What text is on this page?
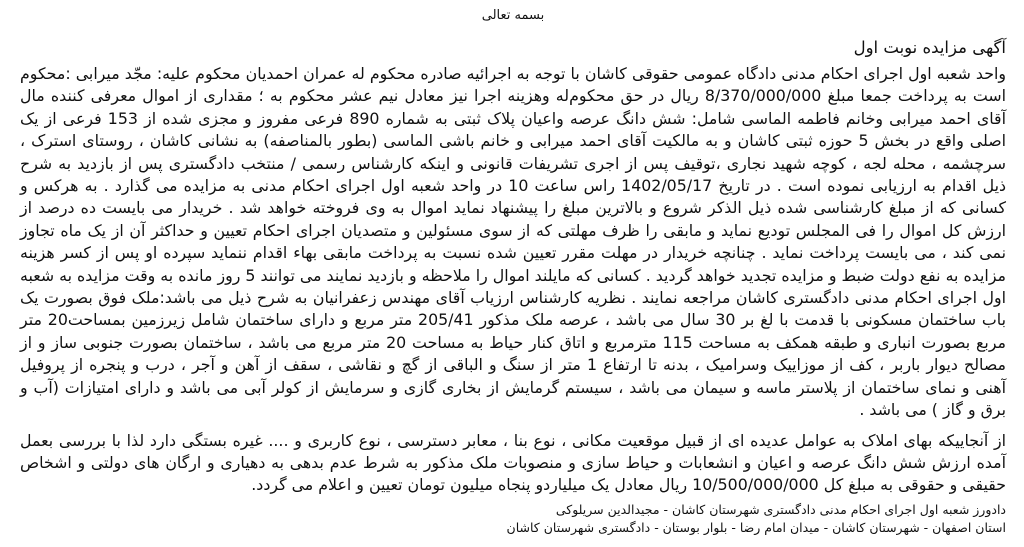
بسمه تعالی
آگهی مزایده نوبت اول

واحد شعبه اول اجرای احکام مدنی دادگاه عمومی حقوقی کاشان با توجه به اجرائیه صادره محکوم له عمران احمدیان محکوم علیه: مجّد میرابی :محکوم است به پرداخت جمعا مبلغ 8/370/000/000 ریال در حق محکوم‌له وهزینه اجرا نیز معادل نیم عشر محکوم به ؛ مقداری از اموال معرفی کننده مال آقای احمد میرابی وخانم فاطمه الماسی شامل: شش دانگ عرصه واعیان پلاک ثبتی به شماره 890 فرعی مفروز و مجزی شده از 153 فرعی از یک اصلی واقع در بخش 5 حوزه ثبتی کاشان و به مالکیت آقای احمد میرابی و خانم باشی الماسی (بطور بالمناصفه) به نشانی کاشان ، روستای استرک ، سرچشمه ، محله لجه ، کوچه شهید نجاری ،توقیف پس از اجری تشریفات قانونی و اینکه کارشناس رسمی / منتخب دادگستری پس از بازدید به شرح ذیل اقدام به ارزیابی نموده است . در تاریخ 1402/05/17 راس ساعت 10 در واحد شعبه اول اجرای احکام مدنی به مزایده می گذارد . به هرکس و کسانی که از مبلغ کارشناسی شده ذیل الذکر شروع و بالاترین مبلغ را پیشنهاد نماید اموال به وی فروخته خواهد شد . خریدار می بایست ده درصد از ارزش کل اموال را فی المجلس تودیع نماید و مابقی را ظرف مهلتی که از سوی مسئولین و متصدیان اجرای احکام تعیین و حداکثر آن از یک ماه تجاوز نمی کند ، می بایست پرداخت نماید . چنانچه خریدار در مهلت مقرر تعیین شده نسبت به پرداخت مابقی بهاء اقدام ننماید سپرده او پس از کسر هزینه مزایده به نفع دولت ضبط و مزایده تجدید خواهد گردید . کسانی که مایلند اموال را ملاحظه و بازدید نمایند می توانند 5 روز مانده به وقت مزایده به شعبه اول اجرای احکام مدنی دادگستری کاشان مراجعه نمایند . نظریه کارشناس ارزیاب آقای مهندس زعفرانیان به شرح ذیل می باشد:ملک فوق بصورت یک باب ساختمان مسکونی با قدمت با لغ بر 30 سال می باشد ، عرصه ملک مذکور 205/41 متر مربع و دارای ساختمان شامل زیرزمین بمساحت20 متر مربع بصورت انباری و طبقه همکف به مساحت 115 مترمربع و اتاق کنار حیاط به مساحت 20 متر مربع می باشد ، ساختمان بصورت جنوبی ساز و از مصالح دیوار باربر ، کف از موزاییک وسرامیک ، بدنه تا ارتفاع 1 متر از سنگ و الباقی از گچ و نقاشی ، سقف از آهن و آجر ، درب و پنجره از پروفیل آهنی و نمای ساختمان از پلاستر ماسه و سیمان می باشد ، سیستم گرمایش از بخاری گازی و سرمایش از کولر آبی می باشد و دارای امتیازات (آب و برق و گاز ) می باشد .

از آنجاییکه بهای املاک به عوامل عدیده ای از قبیل موقعیت مکانی ، نوع بنا ، معابر دسترسی ، نوع کاربری و .... غیره بستگی دارد لذا با بررسی بعمل آمده ارزش شش دانگ عرصه و اعیان و انشعابات و حیاط سازی و منصوبات ملک مذکور به شرط عدم بدهی به دهیاری و ارگان های دولتی و اشخاص حقیقی و حقوقی به مبلغ کل 10/500/000/000 ریال معادل یک میلیاردو پنجاه میلیون تومان تعیین و اعلام می گردد.

دادورز شعبه اول اجرای احکام مدنی دادگستری شهرستان کاشان - مجیدالدین سریلوکی
استان اصفهان - شهرستان کاشان - میدان امام رضا - بلوار بوستان - دادگستری شهرستان کاشان
